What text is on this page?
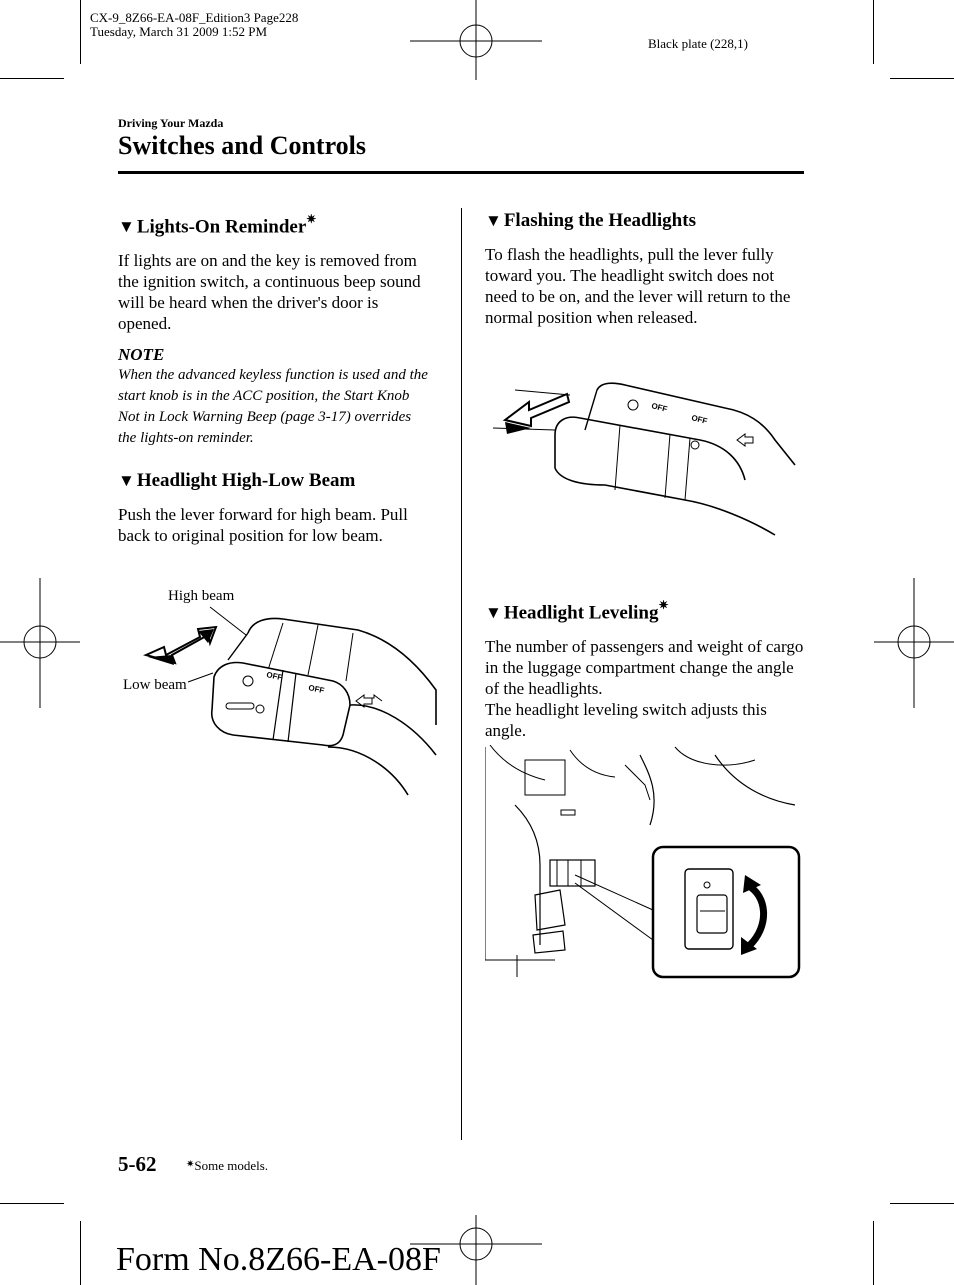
CX-9_8Z66-EA-08F_Edition3 Page228
Tuesday, March 31 2009 1:52 PM
Black plate (228,1)
Driving Your Mazda
Switches and Controls
▼ Lights-On Reminder✷

If lights are on and the key is removed from the ignition switch, a continuous beep sound will be heard when the driver's door is opened.

NOTE

When the advanced keyless function is used and the start knob is in the ACC position, the Start Knob Not in Lock Warning Beep (page 3-17) overrides the lights-on reminder.

▼ Headlight High-Low Beam

Push the lever forward for high beam. Pull back to original position for low beam.

High beam
Low beam
OFF
OFF
▼ Flashing the Headlights

To flash the headlights, pull the lever fully toward you. The headlight switch does not need to be on, and the lever will return to the normal position when released.

OFF
OFF
▼ Headlight Leveling✷

The number of passengers and weight of cargo in the luggage compartment change the angle of the headlights.

The headlight leveling switch adjusts this angle.

5-62	✷Some models.
Form No.8Z66-EA-08F
